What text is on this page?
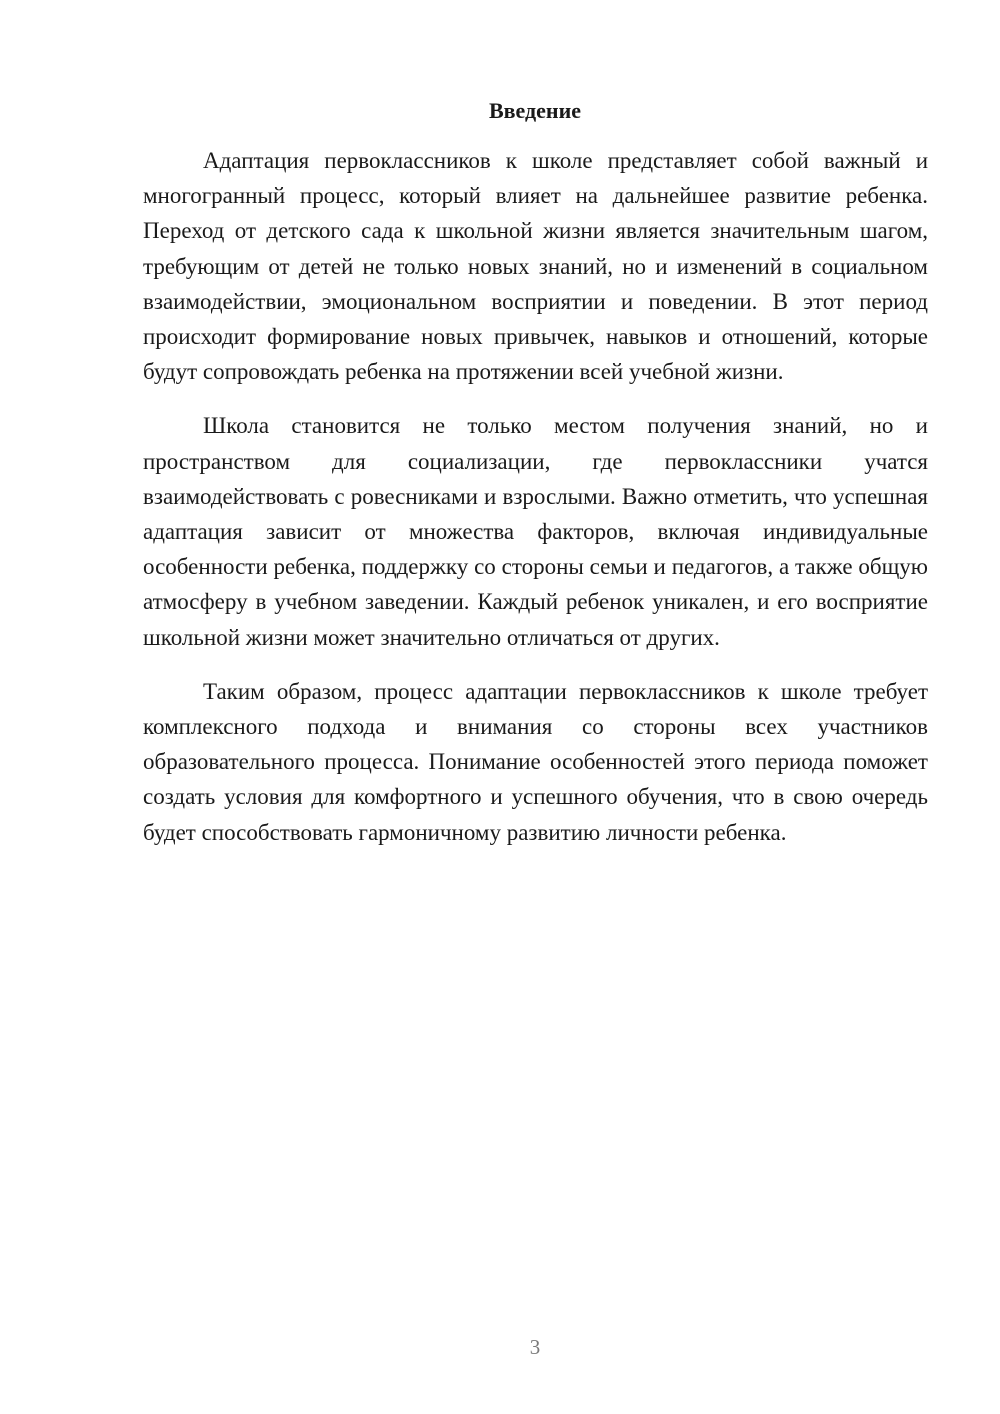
Введение

Адаптация первоклассников к школе представляет собой важный и многогранный процесс, который влияет на дальнейшее развитие ребенка. Переход от детского сада к школьной жизни является значительным шагом, требующим от детей не только новых знаний, но и изменений в социальном взаимодействии, эмоциональном восприятии и поведении. В этот период происходит формирование новых привычек, навыков и отношений, которые будут сопровождать ребенка на протяжении всей учебной жизни.

Школа становится не только местом получения знаний, но и пространством для социализации, где первоклассники учатся взаимодействовать с ровесниками и взрослыми. Важно отметить, что успешная адаптация зависит от множества факторов, включая индивидуальные особенности ребенка, поддержку со стороны семьи и педагогов, а также общую атмосферу в учебном заведении. Каждый ребенок уникален, и его восприятие школьной жизни может значительно отличаться от других.

Таким образом, процесс адаптации первоклассников к школе требует комплексного подхода и внимания со стороны всех участников образовательного процесса. Понимание особенностей этого периода поможет создать условия для комфортного и успешного обучения, что в свою очередь будет способствовать гармоничному развитию личности ребенка.

3
